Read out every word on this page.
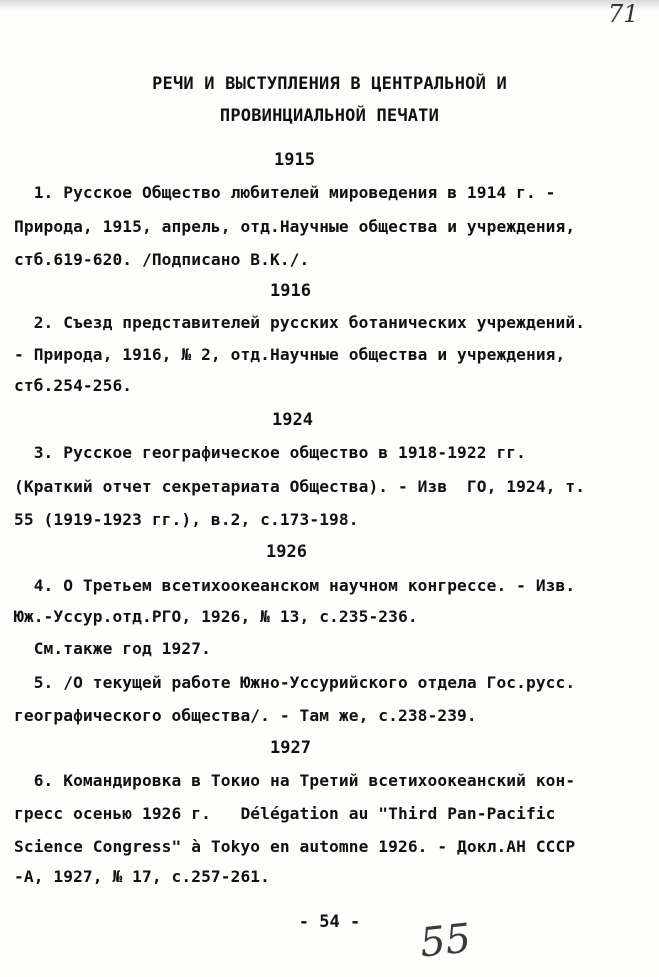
71
РЕЧИ И ВЫСТУПЛЕНИЯ В ЦЕНТРАЛЬНОЙ И
ПРОВИНЦИАЛЬНОЙ ПЕЧАТИ
1915
1. Русское Общество любителей мироведения в 1914 г. -
Природа, 1915, апрель, отд.Научные общества и учреждения,
стб.619-620. /Подписано В.К./.
1916
2. Съезд представителей русских ботанических учреждений.
- Природа, 1916, № 2, отд.Научные общества и учреждения,
стб.254-256.
1924
3. Русское географическое общество в 1918-1922 гг.
(Краткий отчет секретариата Общества). - Изв  ГО, 1924, т.
55 (1919-1923 гг.), в.2, с.173-198.
1926
4. О Третьем всетихоокеанском научном конгрессе. - Изв.
Юж.-Уссур.отд.РГО, 1926, № 13, с.235-236.
См.также год 1927.
5. /О текущей работе Южно-Уссурийского отдела Гос.русс.
географического общества/. - Там же, с.238-239.
1927
6. Командировка в Токио на Третий всетихоокеанский кон-
гресс осенью 1926 г.   Délégation au "Third Pan-Pacific
Science Congress" à Tokyo en automne 1926. - Докл.АН СССР
-А, 1927, № 17, с.257-261.
- 54 -	55
